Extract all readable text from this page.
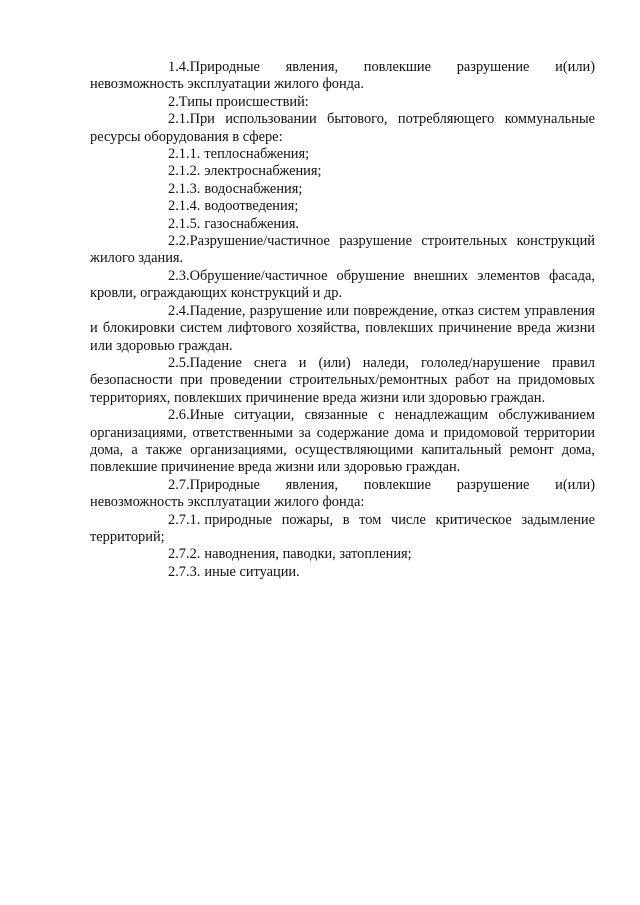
1.4.Природные явления, повлекшие разрушение и(или) невозможность эксплуатации жилого фонда.

2.Типы происшествий:

2.1.При использовании бытового, потребляющего коммунальные ресурсы оборудования в сфере:

2.1.1. теплоснабжения;

2.1.2. электроснабжения;

2.1.3. водоснабжения;

2.1.4. водоотведения;

2.1.5. газоснабжения.

2.2.Разрушение/частичное разрушение строительных конструкций жилого здания.

2.3.Обрушение/частичное обрушение внешних элементов фасада, кровли, ограждающих конструкций и др.

2.4.Падение, разрушение или повреждение, отказ систем управления и блокировки систем лифтового хозяйства, повлекших причинение вреда жизни или здоровью граждан.

2.5.Падение снега и (или) наледи, гололед/нарушение правил безопасности при проведении строительных/ремонтных работ на придомовых территориях, повлекших причинение вреда жизни или здоровью граждан.

2.6.Иные ситуации, связанные с ненадлежащим обслуживанием организациями, ответственными за содержание дома и придомовой территории дома, а также организациями, осуществляющими капитальный ремонт дома, повлекшие причинение вреда жизни или здоровью граждан.

2.7.Природные явления, повлекшие разрушение и(или) невозможность эксплуатации жилого фонда:

2.7.1. природные пожары, в том числе критическое задымление территорий;

2.7.2. наводнения, паводки, затопления;

2.7.3. иные ситуации.
